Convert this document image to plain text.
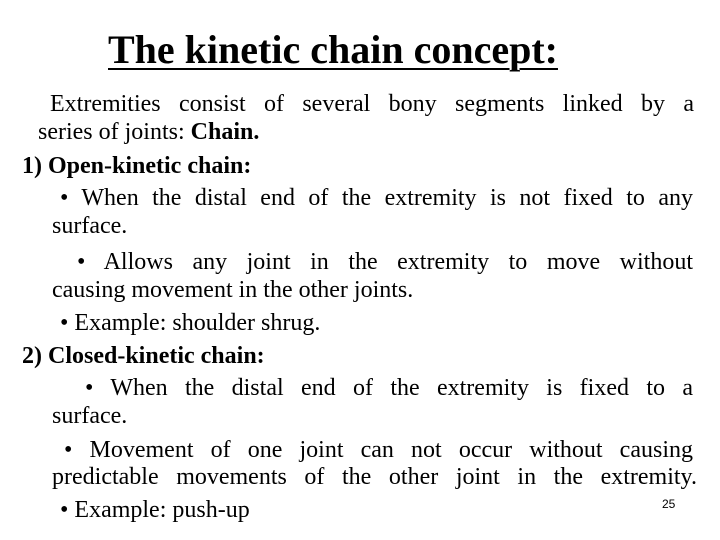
The kinetic chain concept:
Extremities consist of several bony segments linked by a
series of joints: Chain.
1) Open-kinetic chain:
• When the distal end of the extremity is not fixed to any
surface.
• Allows any joint in the extremity to move without
causing movement in the other joints.
• Example: shoulder shrug.
2) Closed-kinetic chain:
• When the distal end of the extremity is fixed to a
surface.
• Movement of one joint can not occur without causing
predictable movements of the other joint in the extremity.
• Example: push-up	25
